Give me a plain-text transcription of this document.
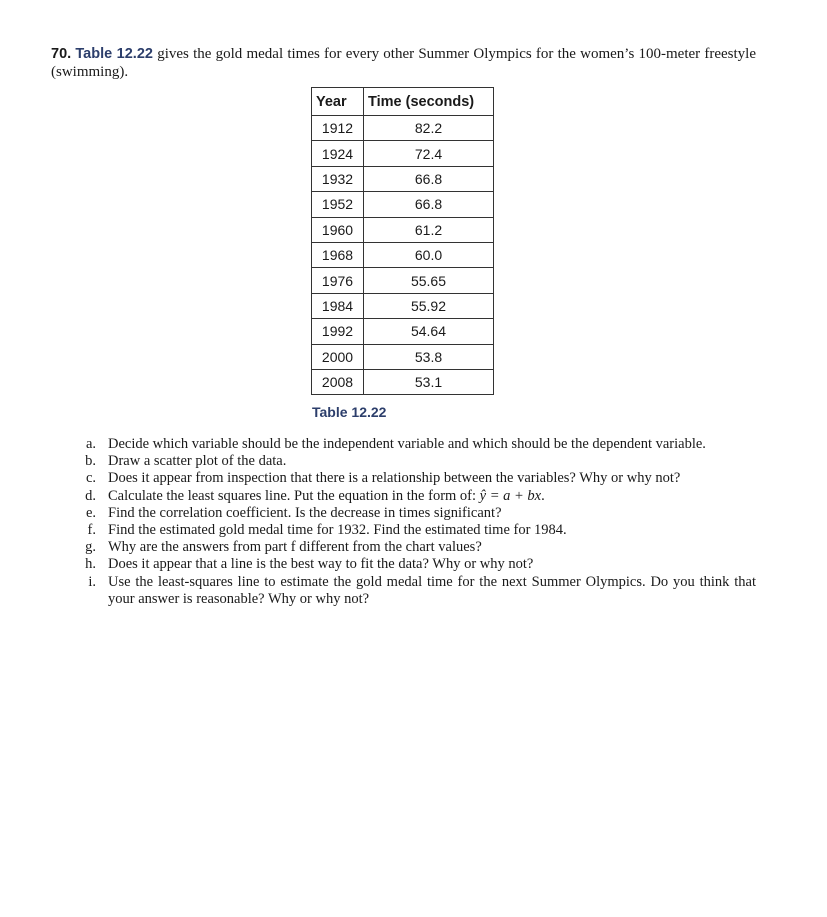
70. Table 12.22 gives the gold medal times for every other Summer Olympics for the women’s 100-meter freestyle (swimming).

Year	Time (seconds)
1912	82.2
1924	72.4
1932	66.8
1952	66.8
1960	61.2
1968	60.0
1976	55.65
1984	55.92
1992	54.64
2000	53.8
2008	53.1
Table 12.22
a. Decide which variable should be the independent variable and which should be the dependent variable.
b. Draw a scatter plot of the data.
c. Does it appear from inspection that there is a relationship between the variables? Why or why not?
d. Calculate the least squares line. Put the equation in the form of: ŷ = a + bx.
e. Find the correlation coefficient. Is the decrease in times significant?
f. Find the estimated gold medal time for 1932. Find the estimated time for 1984.
g. Why are the answers from part f different from the chart values?
h. Does it appear that a line is the best way to fit the data? Why or why not?
i. Use the least-squares line to estimate the gold medal time for the next Summer Olympics. Do you think that your answer is reasonable? Why or why not?
